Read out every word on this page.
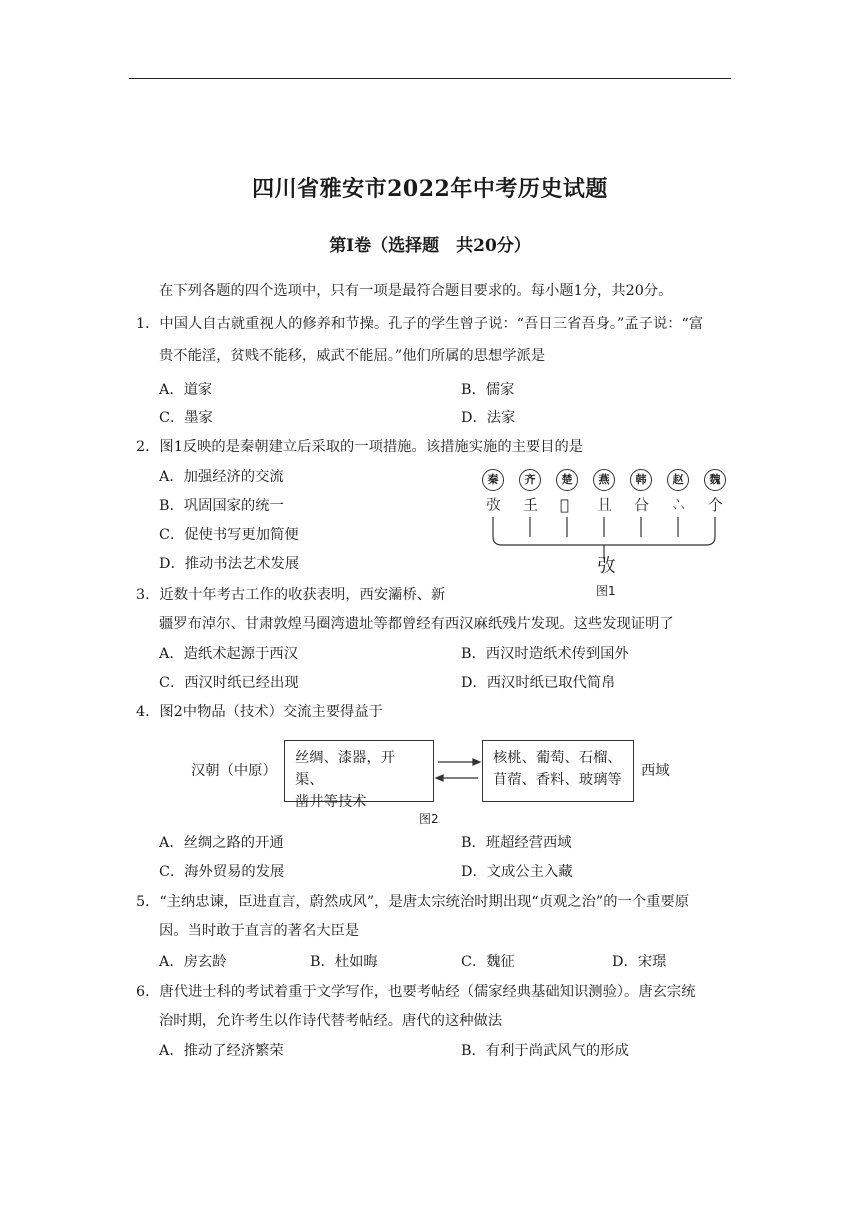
四川省雅安市2022年中考历史试题
第Ⅰ卷（选择题　共20分）
在下列各题的四个选项中，只有一项是最符合题目要求的。每小题1分，共20分。
1．中国人自古就重视人的修养和节操。孔子的学生曾子说：“吾日三省吾身。”孟子说：“富
贵不能淫，贫贱不能移，威武不能屈。”他们所属的思想学派是
A．道家	B．儒家
C．墨家	D．法家
2．图1反映的是秦朝建立后采取的一项措施。该措施实施的主要目的是
A．加强经济的交流
B．巩固国家的统一
C．促使书写更加简便
D．推动书法艺术发展
秦	齐	楚	燕	韩	赵	魏
𢎿 𡈼 𠂌 𠀇 㕣 𠁼 𠆤
𢎿
图1
3．近数十年考古工作的收获表明，西安灞桥、新
疆罗布淖尔、甘肃敦煌马圈湾遗址等都曾经有西汉麻纸残片发现。这些发现证明了
A．造纸术起源于西汉	B．西汉时造纸术传到国外
C．西汉时纸已经出现	D．西汉时纸已取代简帛
4．图2中物品（技术）交流主要得益于
汉朝（中原）
丝绸、漆器，开渠、
凿井等技术
核桃、葡萄、石榴、
苜蓿、香料、玻璃等
西域
图2
A．丝绸之路的开通	B．班超经营西域
C．海外贸易的发展	D．文成公主入藏
5．“主纳忠谏，臣进直言，蔚然成风”，是唐太宗统治时期出现“贞观之治”的一个重要原
因。当时敢于直言的著名大臣是
A．房玄龄	B．杜如晦	C．魏征	D．宋璟
6．唐代进士科的考试着重于文学写作，也要考帖经（儒家经典基础知识测验）。唐玄宗统
治时期，允许考生以作诗代替考帖经。唐代的这种做法
A．推动了经济繁荣	B．有利于尚武风气的形成
